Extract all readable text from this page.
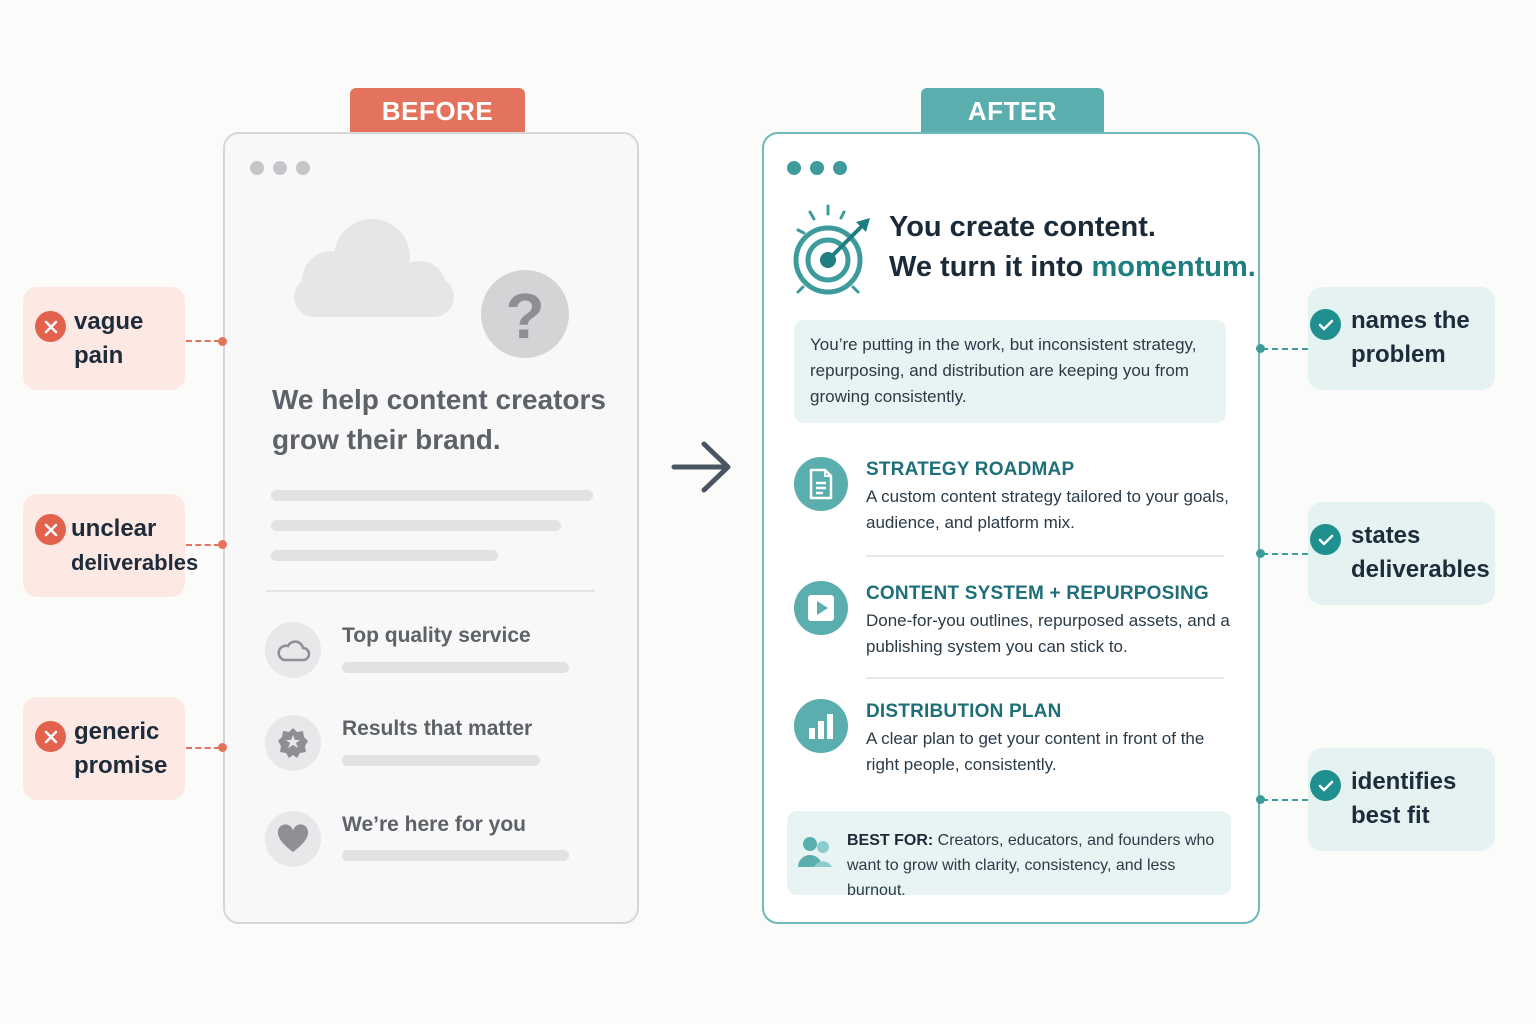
BEFORE
?
We help content creators grow their brand.
Top quality service
Results that matter
We’re here for you
vague
pain
unclear
deliverables
generic
promise
AFTER
You create content.
We turn it into momentum.
You’re putting in the work, but inconsistent strategy, repurposing, and distribution are keeping you from growing consistently.
STRATEGY ROADMAP
A custom content strategy tailored to your goals, audience, and platform mix.
CONTENT SYSTEM + REPURPOSING
Done-for-you outlines, repurposed assets, and a publishing system you can stick to.
DISTRIBUTION PLAN
A clear plan to get your content in front of the right people, consistently.
BEST FOR: Creators, educators, and founders who want to grow with clarity, consistency, and less burnout.
names the
problem
states
deliverables
identifies
best fit
